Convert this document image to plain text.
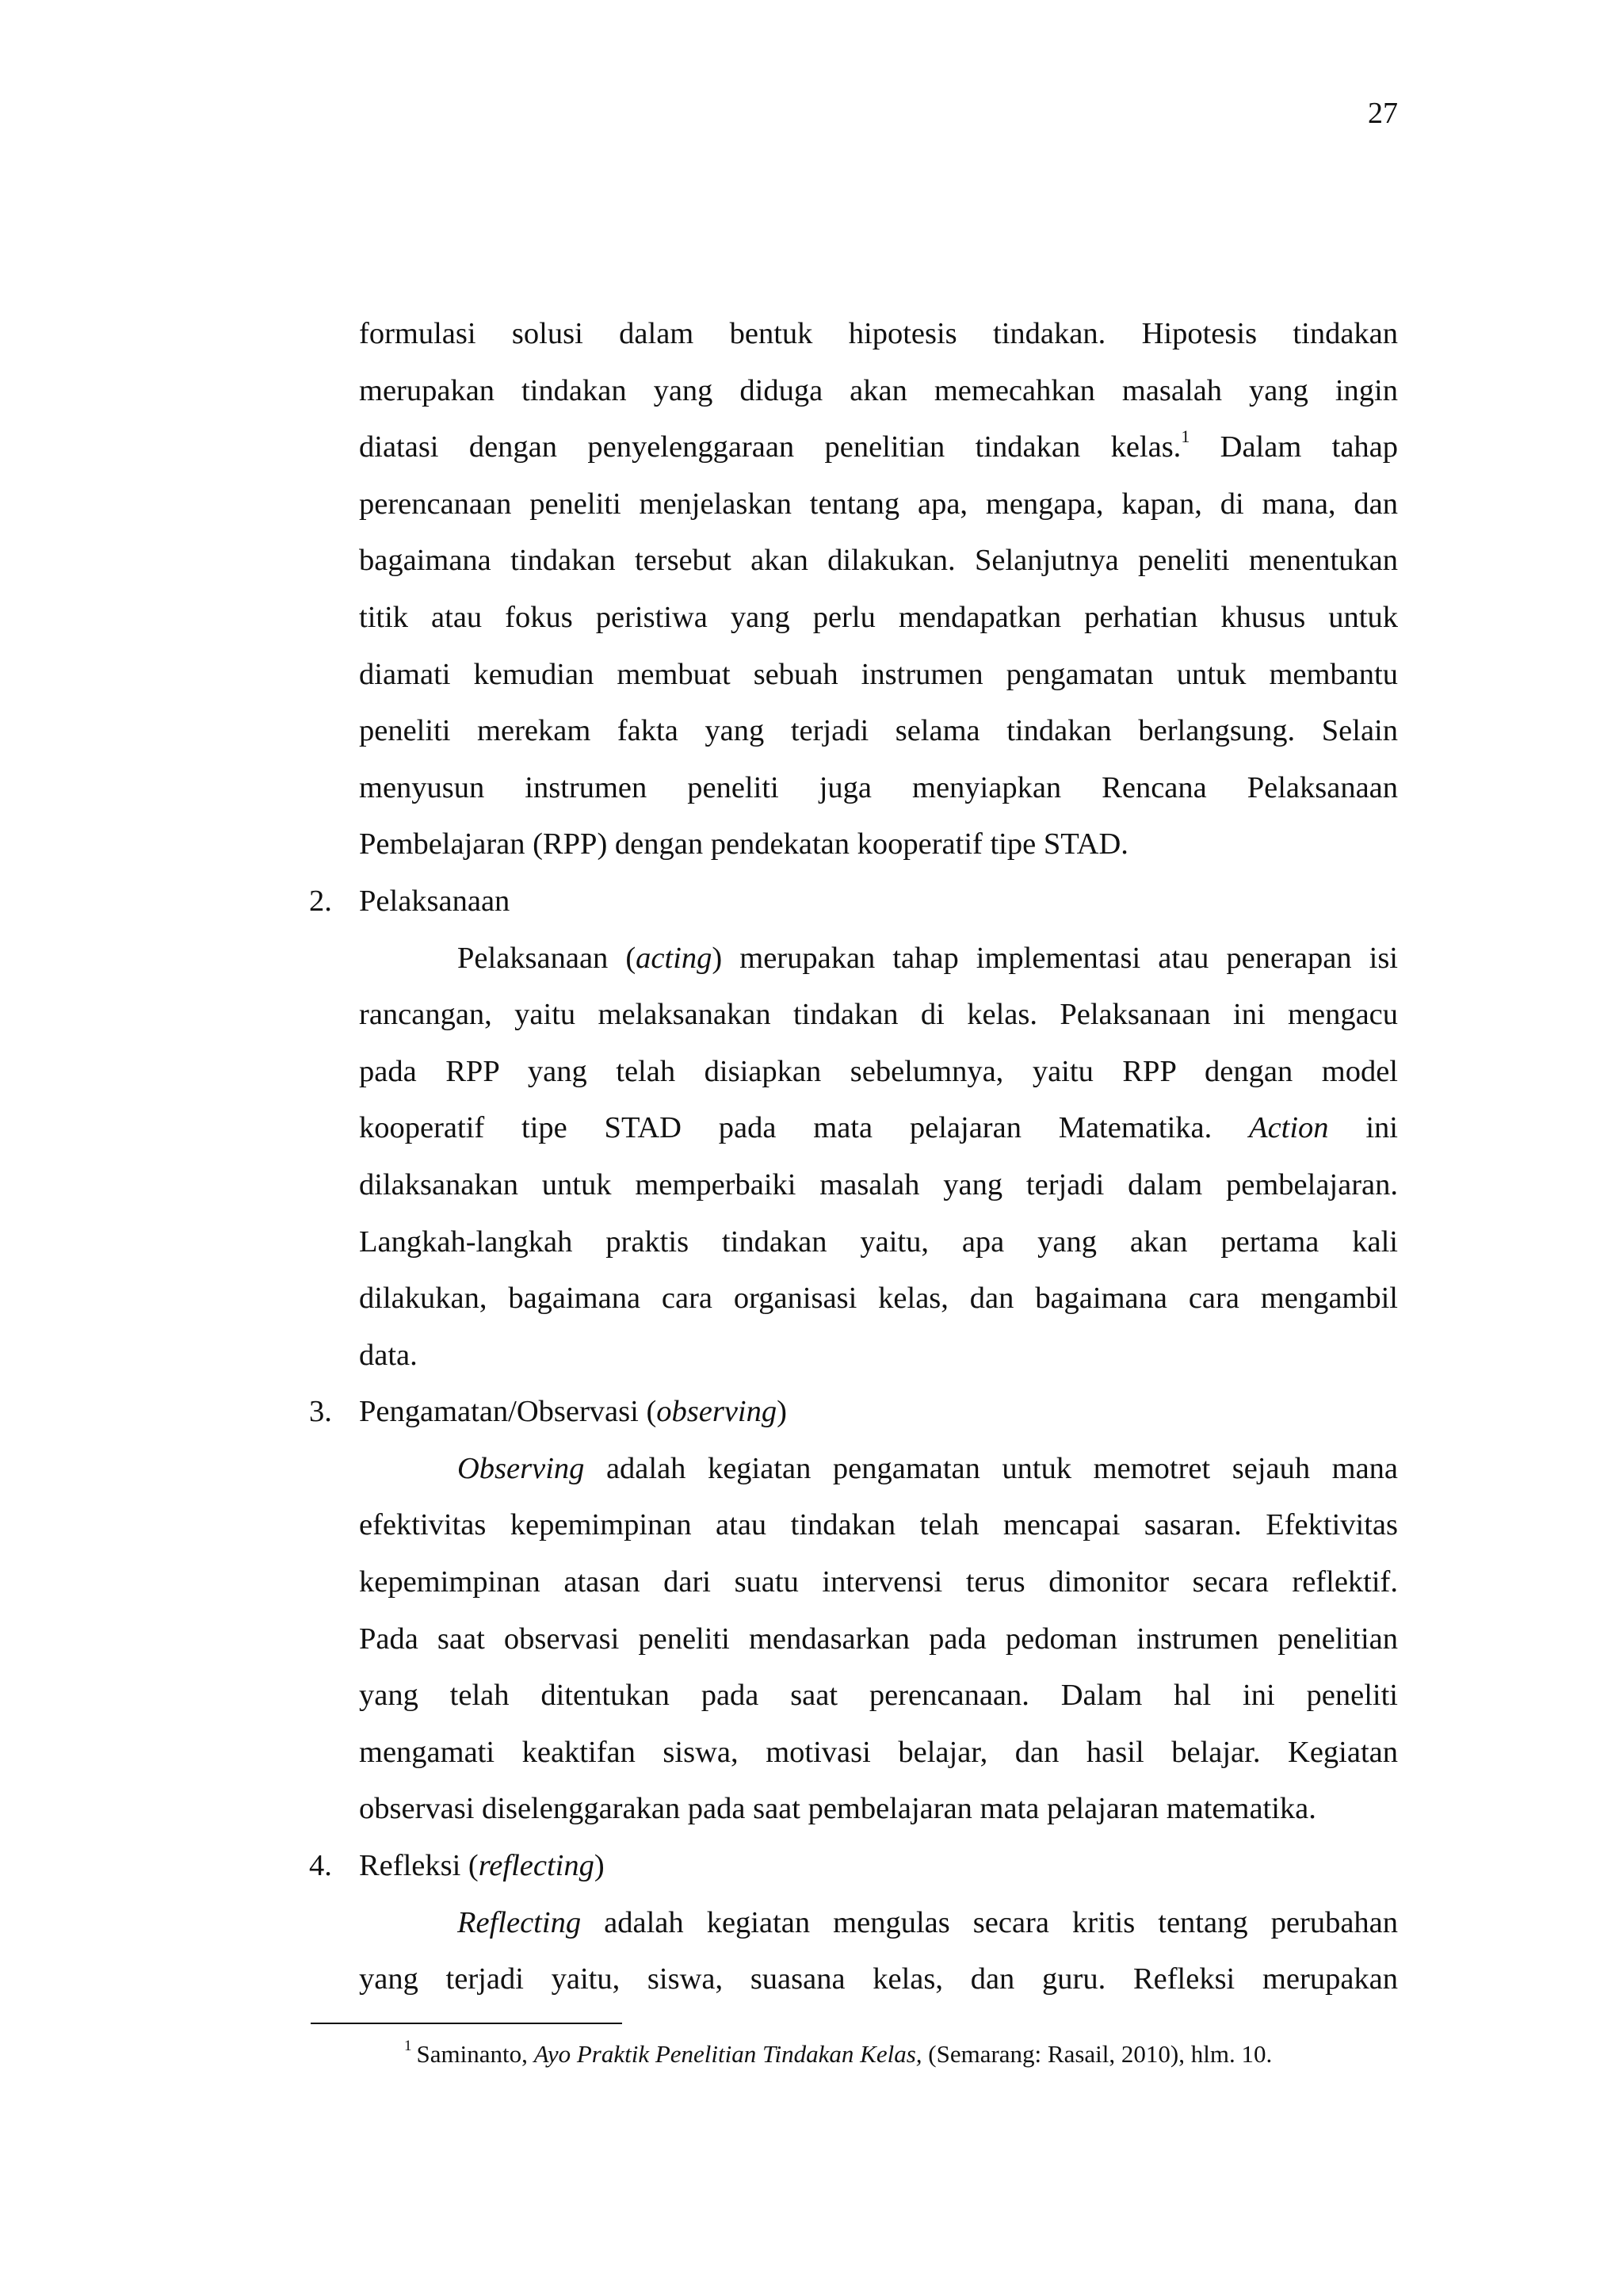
27
formulasi solusi dalam bentuk hipotesis tindakan. Hipotesis tindakan
merupakan tindakan yang diduga akan memecahkan masalah yang ingin
diatasi dengan penyelenggaraan penelitian tindakan kelas.$^1$ Dalam tahap
perencanaan peneliti menjelaskan tentang apa, mengapa, kapan, di mana, dan
bagaimana tindakan tersebut akan dilakukan. Selanjutnya peneliti menentukan
titik atau fokus peristiwa yang perlu mendapatkan perhatian khusus untuk
diamati kemudian membuat sebuah instrumen pengamatan untuk membantu
peneliti merekam fakta yang terjadi selama tindakan berlangsung. Selain
menyusun instrumen peneliti juga menyiapkan Rencana Pelaksanaan
Pembelajaran (RPP) dengan pendekatan kooperatif tipe STAD.
2. Pelaksanaan
Pelaksanaan (acting) merupakan tahap implementasi atau penerapan isi
rancangan, yaitu melaksanakan tindakan di kelas. Pelaksanaan ini mengacu
pada RPP yang telah disiapkan sebelumnya, yaitu RPP dengan model
kooperatif tipe STAD pada mata pelajaran Matematika. Action ini
dilaksanakan untuk memperbaiki masalah yang terjadi dalam pembelajaran.
Langkah-langkah praktis tindakan yaitu, apa yang akan pertama kali
dilakukan, bagaimana cara organisasi kelas, dan bagaimana cara mengambil
data.
3. Pengamatan/Observasi (observing)
Observing adalah kegiatan pengamatan untuk memotret sejauh mana
efektivitas kepemimpinan atau tindakan telah mencapai sasaran. Efektivitas
kepemimpinan atasan dari suatu intervensi terus dimonitor secara reflektif.
Pada saat observasi peneliti mendasarkan pada pedoman instrumen penelitian
yang telah ditentukan pada saat perencanaan. Dalam hal ini peneliti
mengamati keaktifan siswa, motivasi belajar, dan hasil belajar. Kegiatan
observasi diselenggarakan pada saat pembelajaran mata pelajaran matematika.
4. Refleksi (reflecting)
Reflecting adalah kegiatan mengulas secara kritis tentang perubahan
yang terjadi yaitu, siswa, suasana kelas, dan guru. Refleksi merupakan
$^1$ Saminanto, Ayo Praktik Penelitian Tindakan Kelas, (Semarang: Rasail, 2010), hlm. 10.
